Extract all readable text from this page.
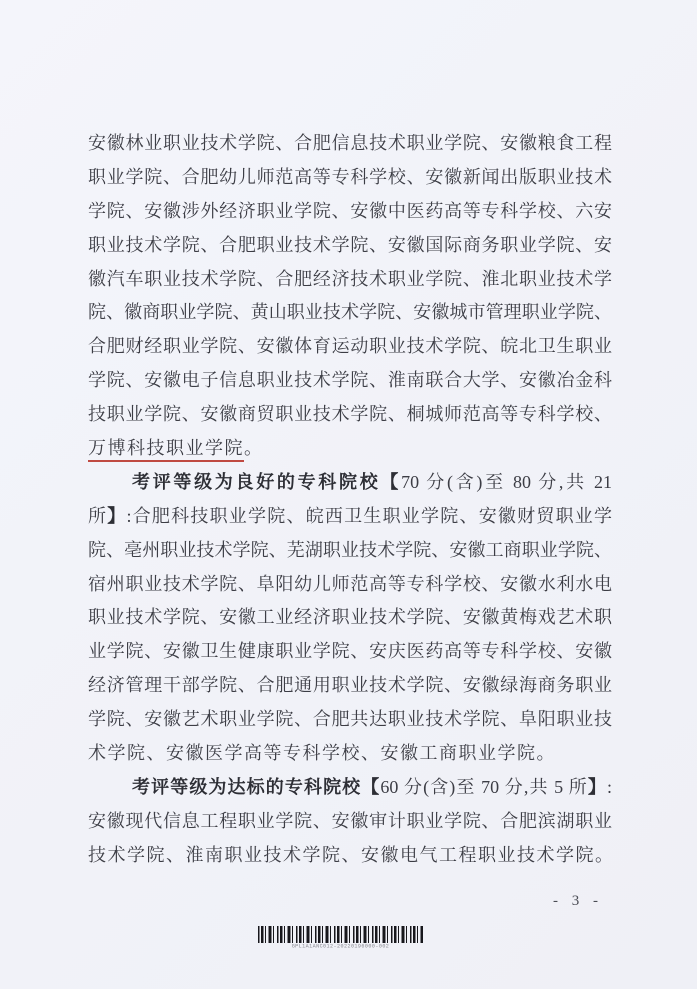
安徽林业职业技术学院、合肥信息技术职业学院、安徽粮食工程
职业学院、合肥幼儿师范高等专科学校、安徽新闻出版职业技术
学院、安徽涉外经济职业学院、安徽中医药高等专科学校、六安
职业技术学院、合肥职业技术学院、安徽国际商务职业学院、安
徽汽车职业技术学院、合肥经济技术职业学院、淮北职业技术学
院、徽商职业学院、黄山职业技术学院、安徽城市管理职业学院、
合肥财经职业学院、安徽体育运动职业技术学院、皖北卫生职业
学院、安徽电子信息职业技术学院、淮南联合大学、安徽冶金科
技职业学院、安徽商贸职业技术学院、桐城师范高等专科学校、
万博科技职业学院。
考评等级为良好的专科院校【70 分(含)至 80 分,共 21
所】:合肥科技职业学院、皖西卫生职业学院、安徽财贸职业学
院、亳州职业技术学院、芜湖职业技术学院、安徽工商职业学院、
宿州职业技术学院、阜阳幼儿师范高等专科学校、安徽水利水电
职业技术学院、安徽工业经济职业技术学院、安徽黄梅戏艺术职
业学院、安徽卫生健康职业学院、安庆医药高等专科学校、安徽
经济管理干部学院、合肥通用职业技术学院、安徽绿海商务职业
学院、安徽艺术职业学院、合肥共达职业技术学院、阜阳职业技
术学院、安徽医学高等专科学校、安徽工商职业学院。
考评等级为达标的专科院校【60 分(含)至 70 分,共 5 所】:
安徽现代信息工程职业学院、安徽审计职业学院、合肥滨湖职业
技术学院、淮南职业技术学院、安徽电气工程职业技术学院。
- 3 -
GPL1A1ANC012-20220196000-002
